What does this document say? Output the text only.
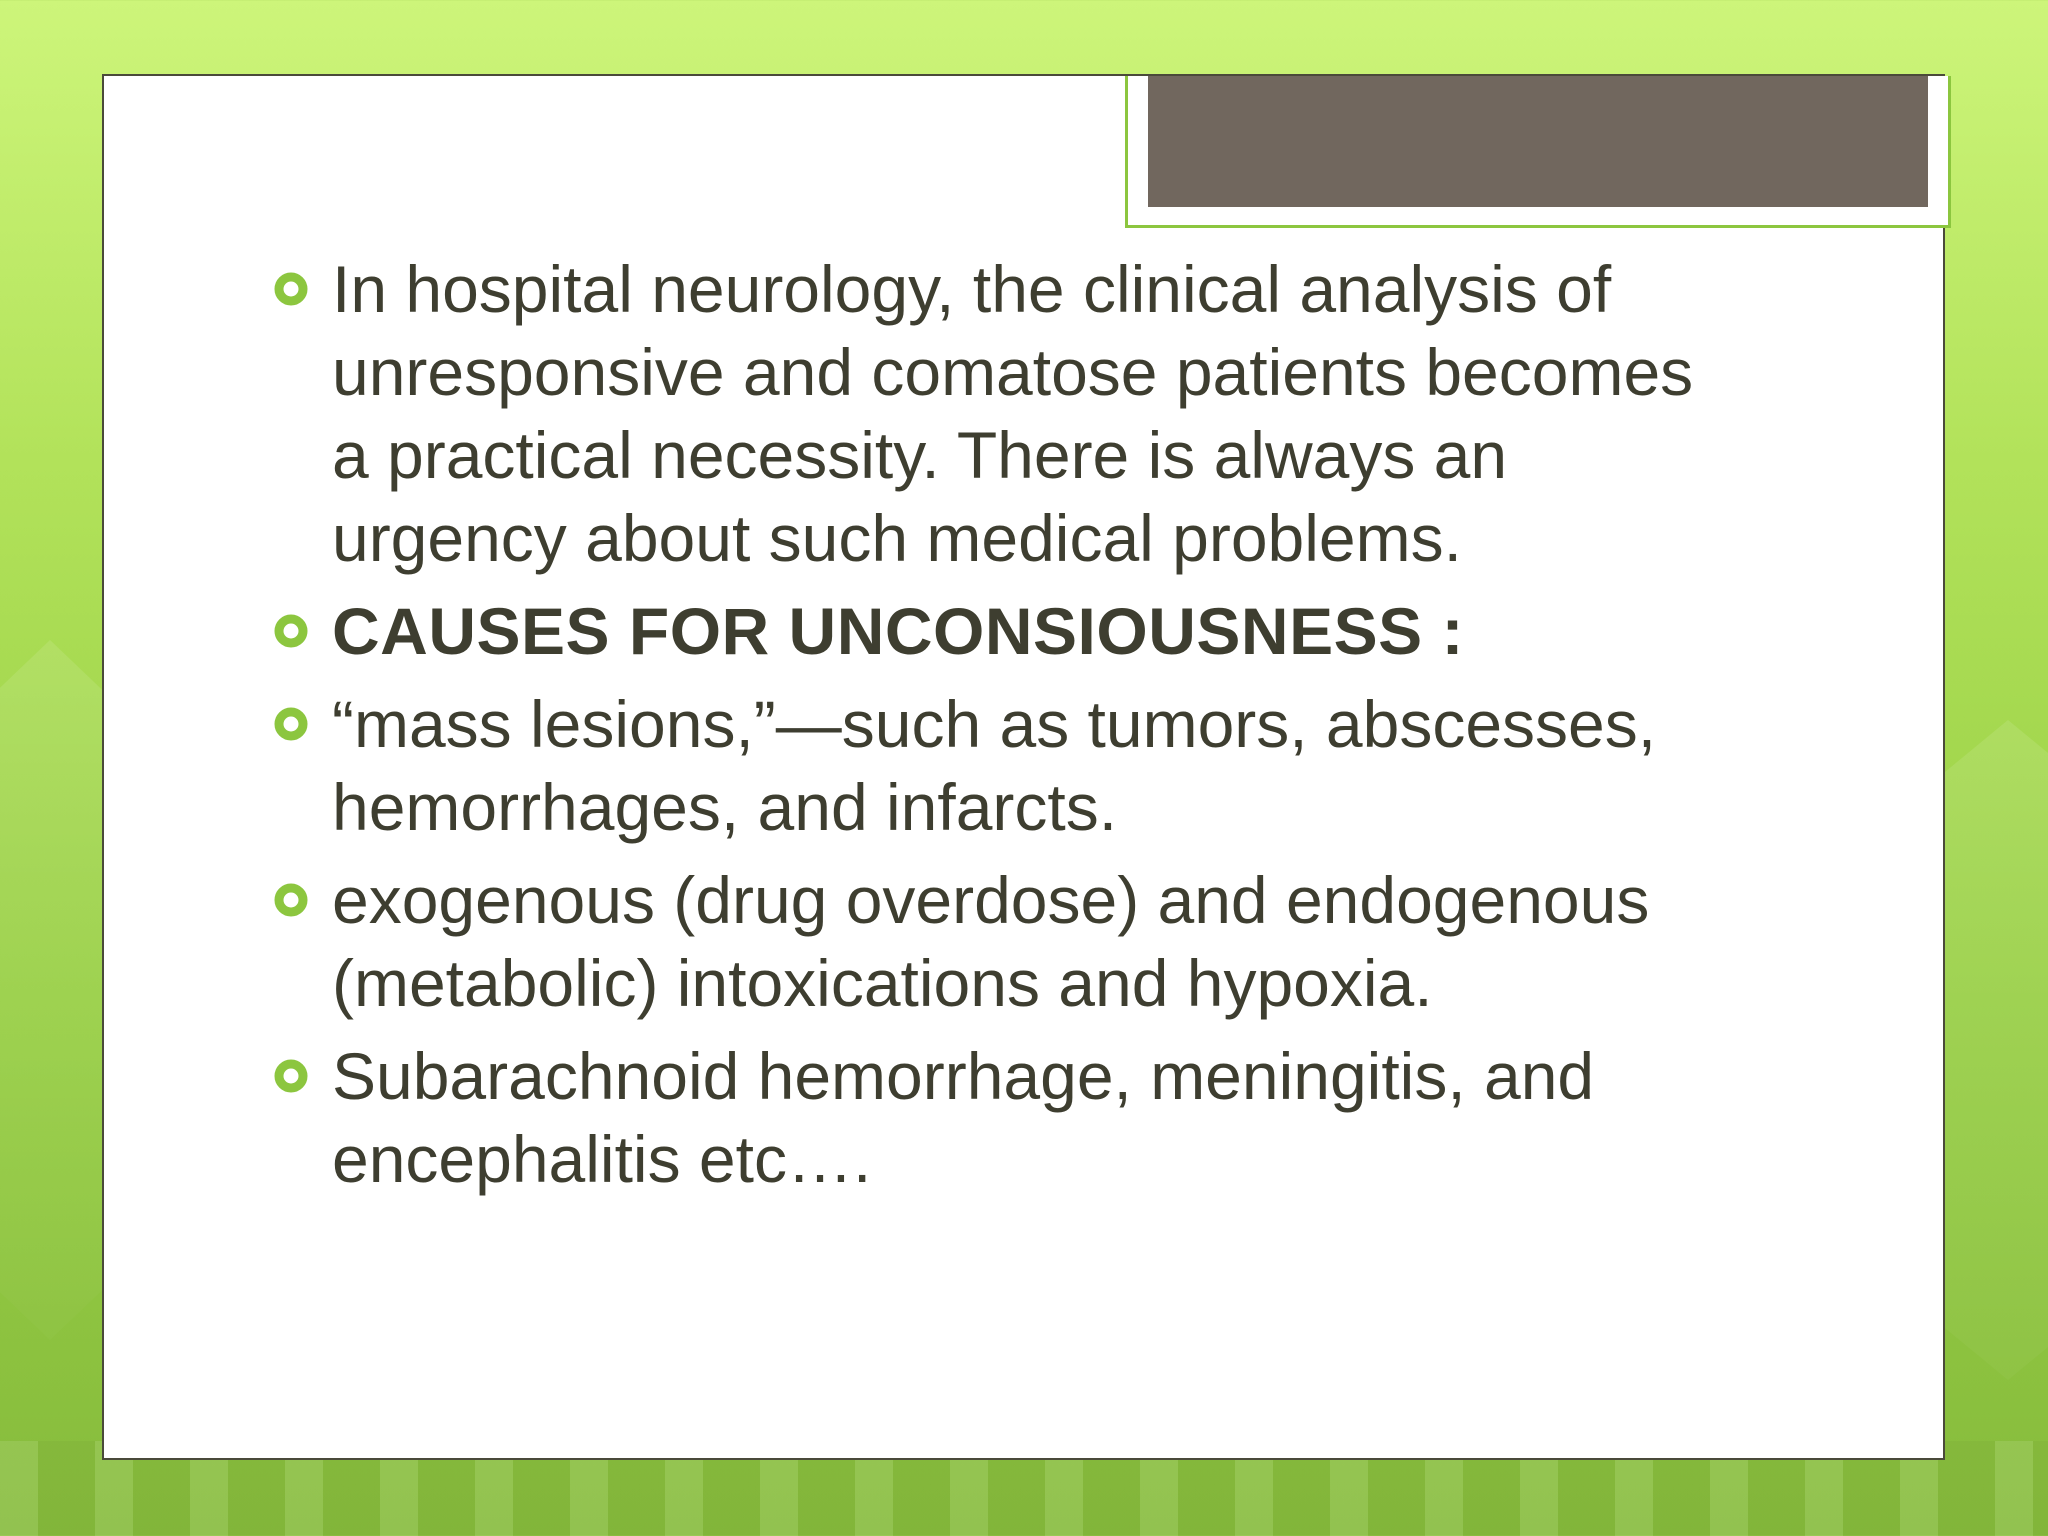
In hospital neurology, the clinical analysis of unresponsive and comatose patients becomes a practical necessity. There is always an urgency about such medical problems.
CAUSES FOR UNCONSIOUSNESS :
“mass lesions,”—such as tumors, abscesses, hemorrhages, and infarcts.
exogenous (drug overdose) and endogenous (metabolic) intoxications and hypoxia.
Subarachnoid hemorrhage, meningitis, and encephalitis etc….
